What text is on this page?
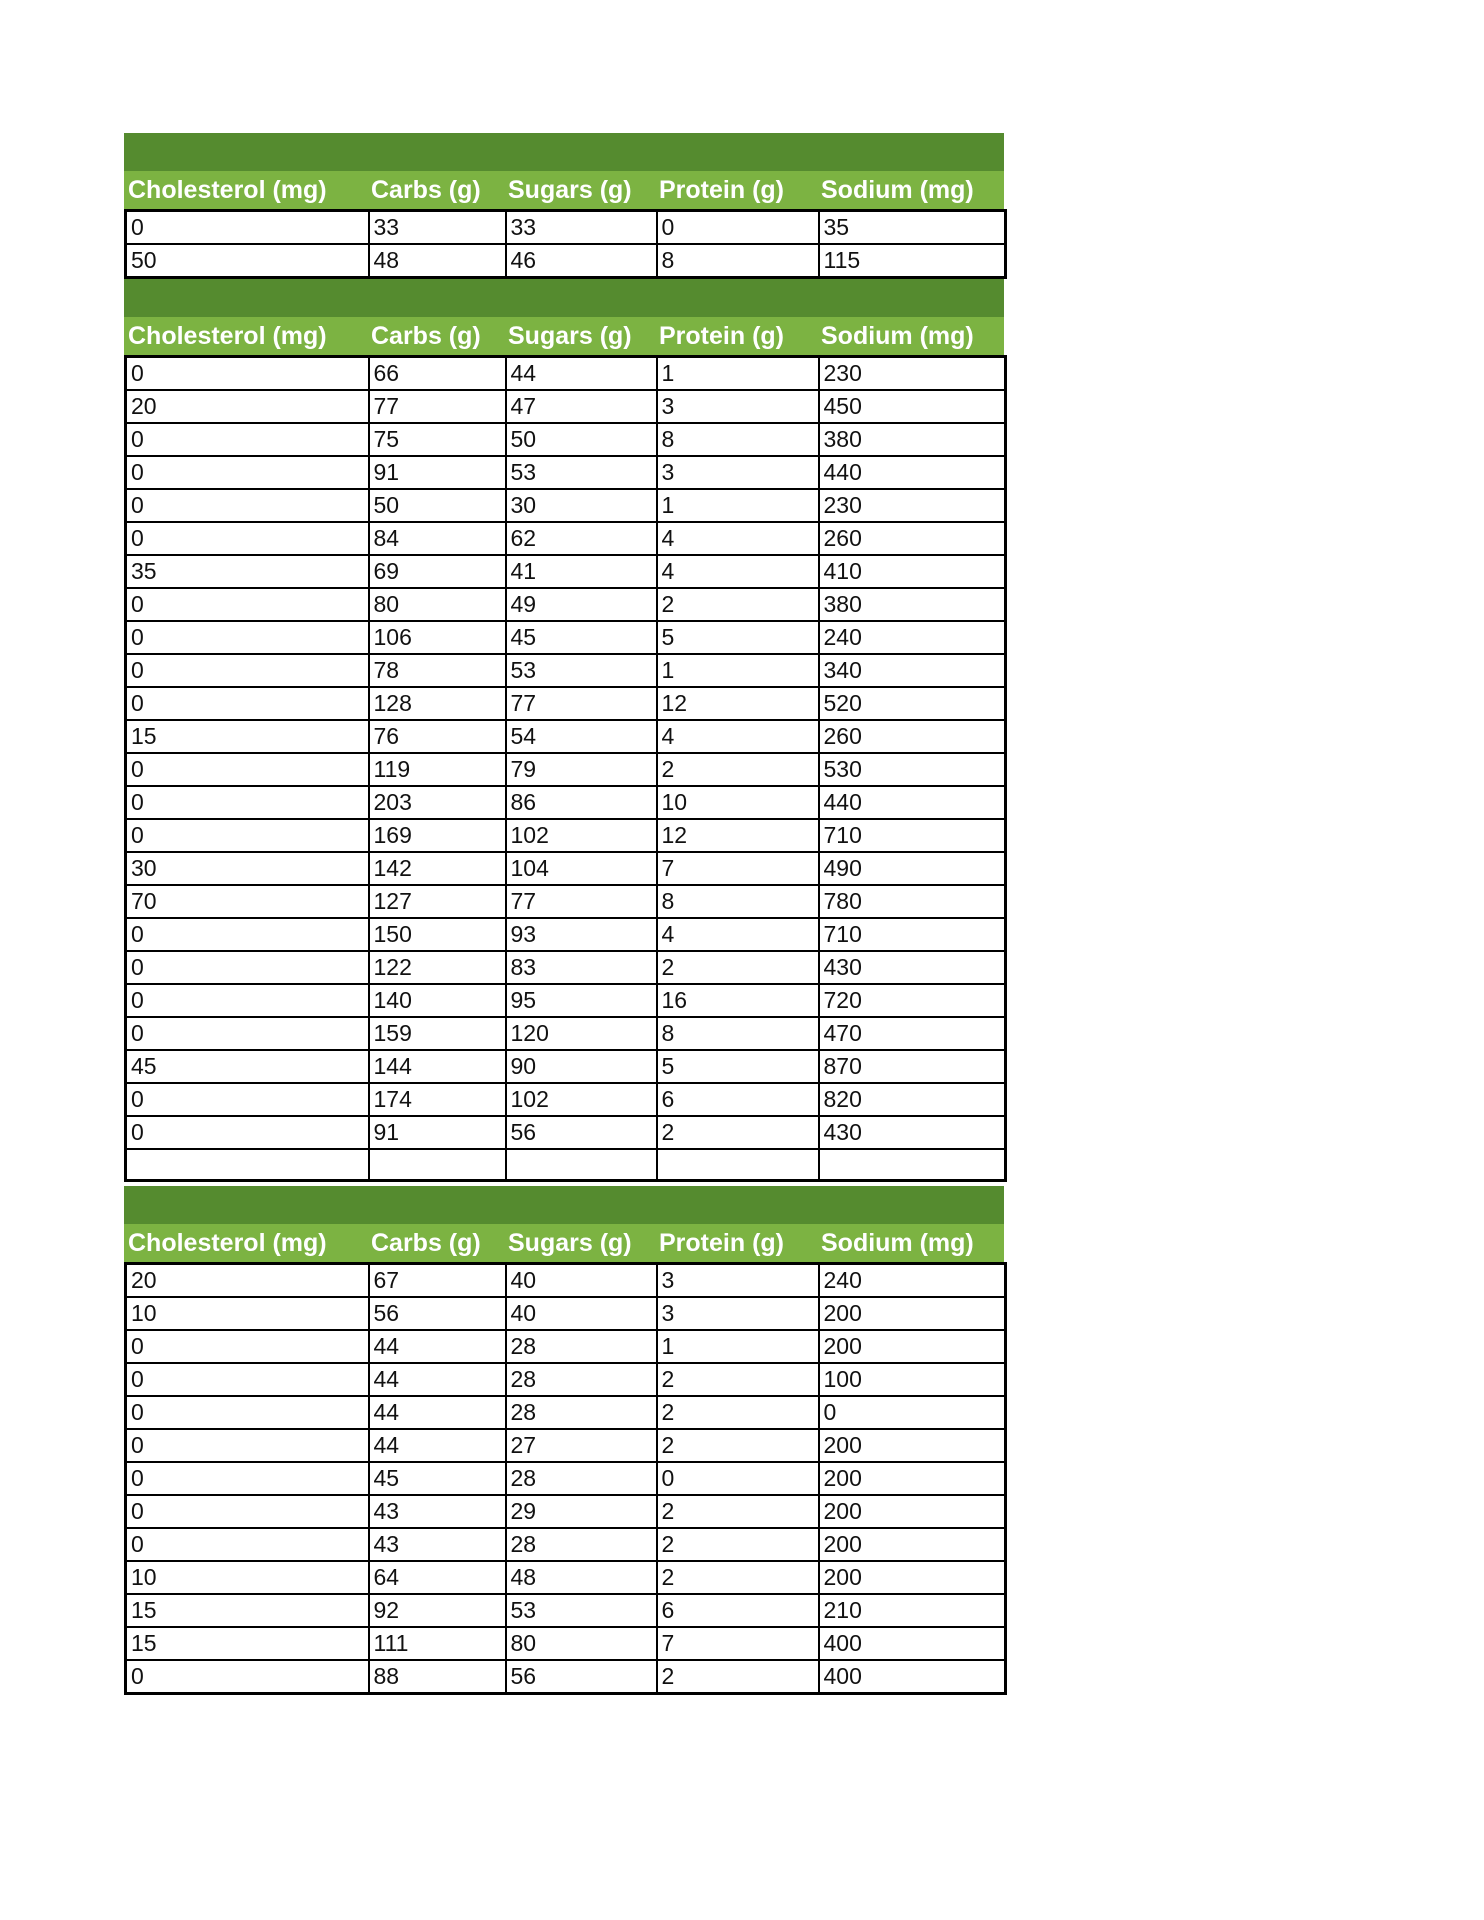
Cholesterol (mg)	Carbs (g)	Sugars (g)	Protein (g)	Sodium (mg)
0	33	33	0	35
50	48	46	8	115
Cholesterol (mg)	Carbs (g)	Sugars (g)	Protein (g)	Sodium (mg)
0	66	44	1	230
20	77	47	3	450
0	75	50	8	380
0	91	53	3	440
0	50	30	1	230
0	84	62	4	260
35	69	41	4	410
0	80	49	2	380
0	106	45	5	240
0	78	53	1	340
0	128	77	12	520
15	76	54	4	260
0	119	79	2	530
0	203	86	10	440
0	169	102	12	710
30	142	104	7	490
70	127	77	8	780
0	150	93	4	710
0	122	83	2	430
0	140	95	16	720
0	159	120	8	470
45	144	90	5	870
0	174	102	6	820
0	91	56	2	430

Cholesterol (mg)	Carbs (g)	Sugars (g)	Protein (g)	Sodium (mg)
20	67	40	3	240
10	56	40	3	200
0	44	28	1	200
0	44	28	2	100
0	44	28	2	0
0	44	27	2	200
0	45	28	0	200
0	43	29	2	200
0	43	28	2	200
10	64	48	2	200
15	92	53	6	210
15	111	80	7	400
0	88	56	2	400
